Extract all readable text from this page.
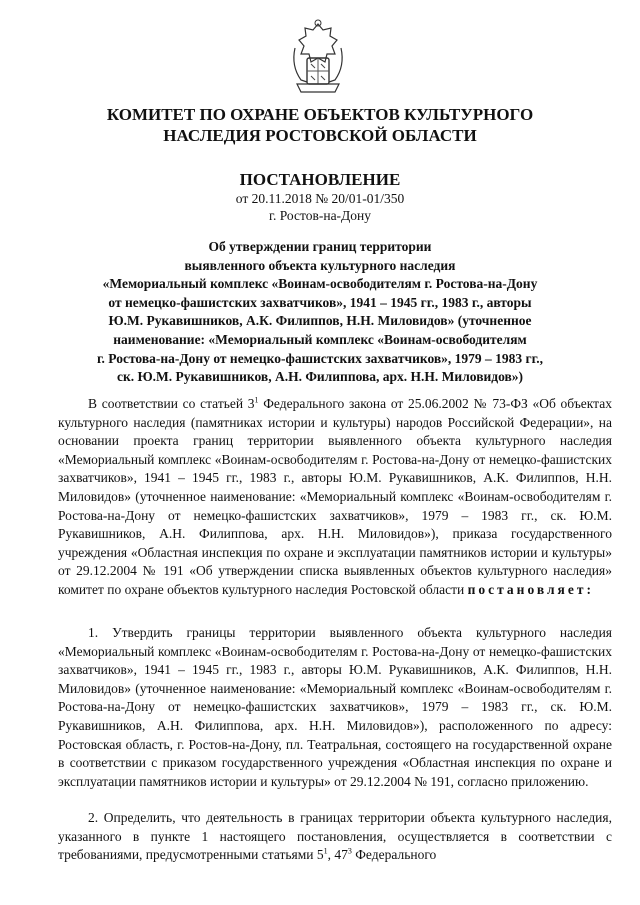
КОМИТЕТ ПО ОХРАНЕ ОБЪЕКТОВ КУЛЬТУРНОГО
НАСЛЕДИЯ РОСТОВСКОЙ ОБЛАСТИ
ПОСТАНОВЛЕНИЕ
от 20.11.2018 № 20/01-01/350
г. Ростов-на-Дону
Об утверждении границ территории
выявленного объекта культурного наследия
«Мемориальный комплекс «Воинам-освободителям г. Ростова-на-Дону
от немецко-фашистских захватчиков», 1941 – 1945 гг., 1983 г., авторы
Ю.М. Рукавишников, А.К. Филиппов, Н.Н. Миловидов» (уточненное
наименование: «Мемориальный комплекс «Воинам-освободителям
г. Ростова-на-Дону от немецко-фашистских захватчиков», 1979 – 1983 гг.,
ск. Ю.М. Рукавишников, А.Н. Филиппова, арх. Н.Н. Миловидов»)

В соответствии со статьей $3^1$ Федерального закона от 25.06.2002 № 73-ФЗ «Об объектах культурного наследия (памятниках истории и культуры) народов Российской Федерации», на основании проекта границ территории выявленного объекта культурного наследия «Мемориальный комплекс «Воинам-освободителям г. Ростова-на-Дону от немецко-фашистских захватчиков», 1941 – 1945 гг., 1983 г., авторы Ю.М. Рукавишников, А.К. Филиппов, Н.Н. Миловидов» (уточненное наименование: «Мемориальный комплекс «Воинам-освободителям г. Ростова-на-Дону от немецко-фашистских захватчиков», 1979 – 1983 гг., ск. Ю.М. Рукавишников, А.Н. Филиппова, арх. Н.Н. Миловидов»), приказа государственного учреждения «Областная инспекция по охране и эксплуатации памятников истории и культуры» от 29.12.2004 № 191 «Об утверждении списка выявленных объектов культурного наследия» комитет по охране объектов культурного наследия Ростовской области постановляет:

1. Утвердить границы территории выявленного объекта культурного наследия «Мемориальный комплекс «Воинам-освободителям г. Ростова-на-Дону от немецко-фашистских захватчиков», 1941 – 1945 гг., 1983 г., авторы Ю.М. Рукавишников, А.К. Филиппов, Н.Н. Миловидов» (уточненное наименование: «Мемориальный комплекс «Воинам-освободителям г. Ростова-на-Дону от немецко-фашистских захватчиков», 1979 – 1983 гг., ск. Ю.М. Рукавишников, А.Н. Филиппова, арх. Н.Н. Миловидов»), расположенного по адресу: Ростовская область, г. Ростов-на-Дону, пл. Театральная, состоящего на государственной охране в соответствии с приказом государственного учреждения «Областная инспекция по охране и эксплуатации памятников истории и культуры» от 29.12.2004 № 191, согласно приложению.

2. Определить, что деятельность в границах территории объекта культурного наследия, указанного в пункте 1 настоящего постановления, осуществляется в соответствии с требованиями, предусмотренными статьями $5^1$, $47^3$ Федерального
